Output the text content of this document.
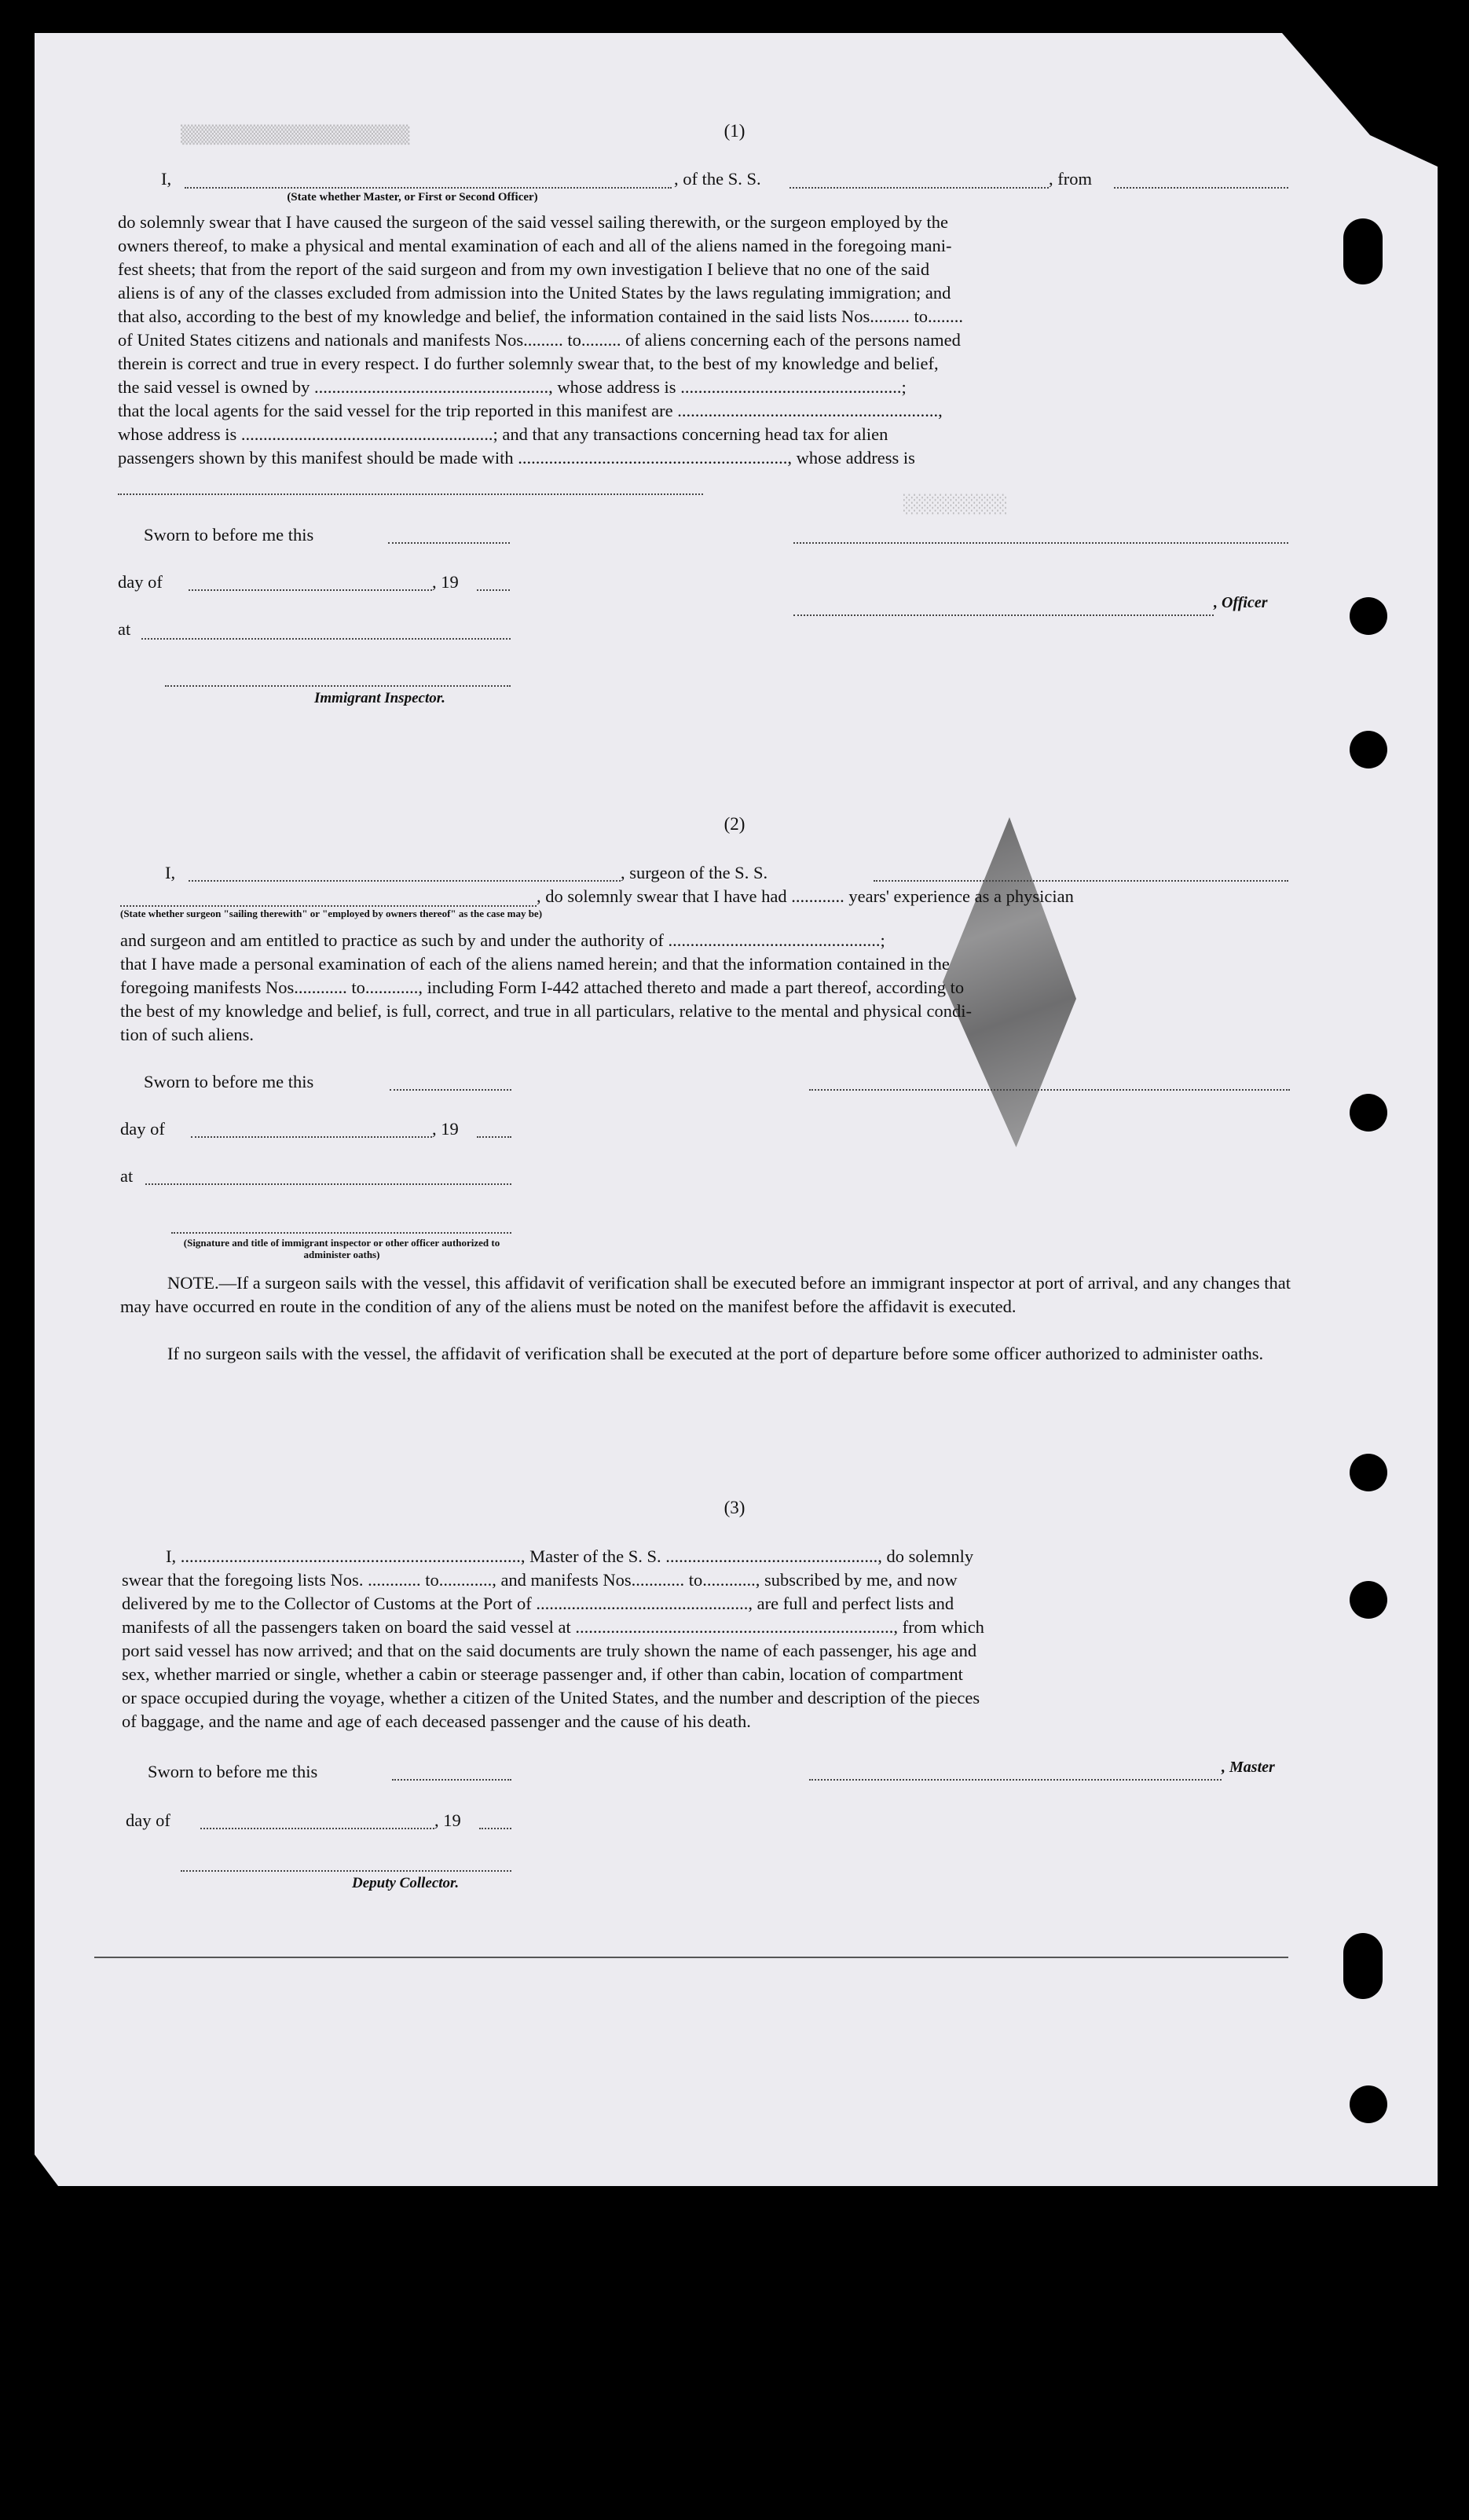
▒▒▒▒▒▒▒▒▒▒▒▒▒▒▒▒▒▒▒▒▒▒
░░░░░░░░░░
(1)
I,	, of the S. S.	, from
(State whether Master, or First or Second Officer)

do solemnly swear that I have caused the surgeon of the said vessel sailing therewith, or the surgeon employed by the

owners thereof, to make a physical and mental examination of each and all of the aliens named in the foregoing mani-

fest sheets; that from the report of the said surgeon and from my own investigation I believe that no one of the said

aliens is of any of the classes excluded from admission into the United States by the laws regulating immigration; and

that also, according to the best of my knowledge and belief, the information contained in the said lists Nos......... to........

of United States citizens and nationals and manifests Nos......... to......... of aliens concerning each of the persons named

therein is correct and true in every respect. I do further solemnly swear that, to the best of my knowledge and belief,

the said vessel is owned by ....................................................., whose address is ..................................................;

that the local agents for the said vessel for the trip reported in this manifest are ...........................................................,

whose address is .........................................................; and that any transactions concerning head tax for alien

passengers shown by this manifest should be made with ............................................................., whose address is

Sworn to before me this
day of	, 19
, Officer
at
Immigrant Inspector.
(2)
I,	, surgeon of the S. S.
, do solemnly swear that I have had ............ years' experience as a physician
(State whether surgeon "sailing therewith" or "employed by owners thereof" as the case may be)

and surgeon and am entitled to practice as such by and under the authority of ................................................;

that I have made a personal examination of each of the aliens named herein; and that the information contained in the

foregoing manifests Nos............ to............, including Form I-442 attached thereto and made a part thereof, according to

the best of my knowledge and belief, is full, correct, and true in all particulars, relative to the mental and physical condi-

tion of such aliens.

Sworn to before me this
day of	, 19
at
(Signature and title of immigrant inspector or other officer authorized to administer oaths)
NOTE.—If a surgeon sails with the vessel, this affidavit of verification shall be executed before an immigrant inspector at port of arrival, and any changes that may have occurred en route in the condition of any of the aliens must be noted on the manifest before the affidavit is executed.
If no surgeon sails with the vessel, the affidavit of verification shall be executed at the port of departure before some officer authorized to administer oaths.
(3)

I, ............................................................................., Master of the S. S. ................................................, do solemnly

swear that the foregoing lists Nos. ............ to............, and manifests Nos............ to............, subscribed by me, and now

delivered by me to the Collector of Customs at the Port of ................................................, are full and perfect lists and

manifests of all the passengers taken on board the said vessel at ........................................................................, from which

port said vessel has now arrived; and that on the said documents are truly shown the name of each passenger, his age and

sex, whether married or single, whether a cabin or steerage passenger and, if other than cabin, location of compartment

or space occupied during the voyage, whether a citizen of the United States, and the number and description of the pieces

of baggage, and the name and age of each deceased passenger and the cause of his death.

Sworn to before me this	, Master
day of	, 19
Deputy Collector.
